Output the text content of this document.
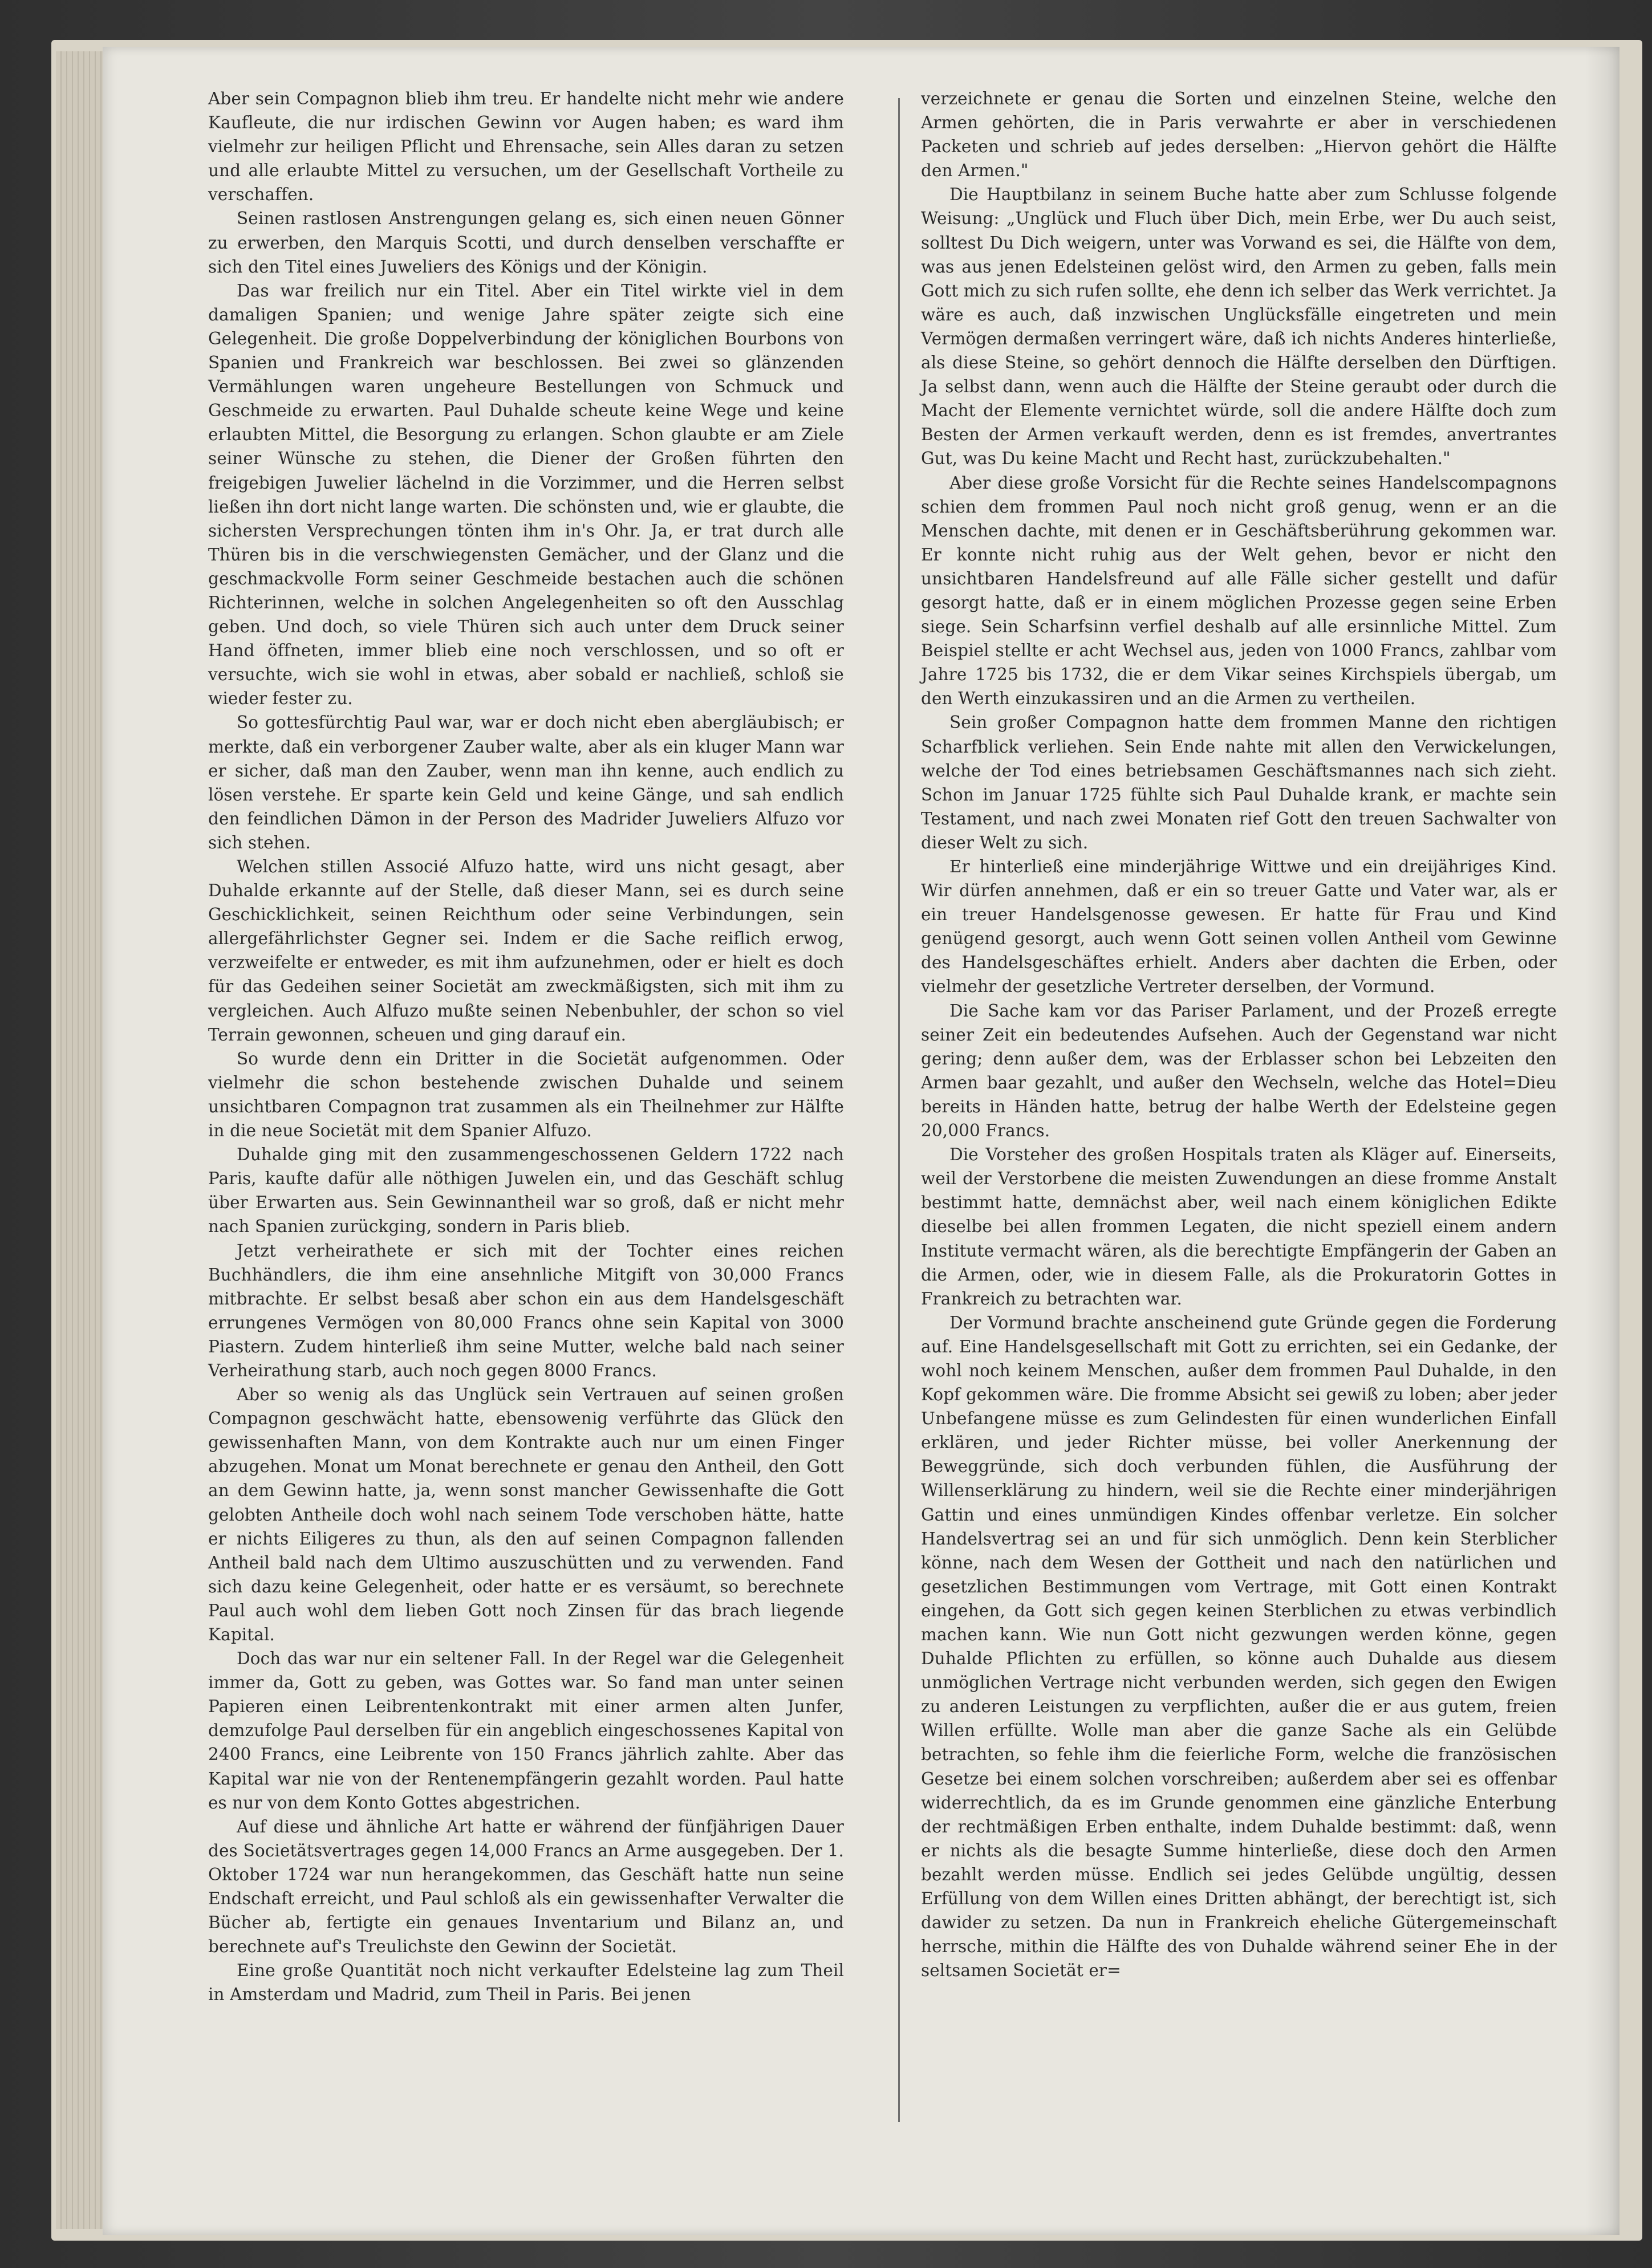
Aber sein Compagnon blieb ihm treu. Er handelte nicht mehr wie andere Kaufleute, die nur irdischen Gewinn vor Augen haben; es ward ihm vielmehr zur heiligen Pflicht und Ehrensache, sein Alles daran zu setzen und alle erlaubte Mittel zu versuchen, um der Gesellschaft Vortheile zu verschaffen.

Seinen rastlosen Anstrengungen gelang es, sich einen neuen Gönner zu erwerben, den Marquis Scotti, und durch denselben verschaffte er sich den Titel eines Juweliers des Königs und der Königin.

Das war freilich nur ein Titel. Aber ein Titel wirkte viel in dem damaligen Spanien; und wenige Jahre später zeigte sich eine Gelegenheit. Die große Doppelverbindung der königlichen Bourbons von Spanien und Frankreich war beschlossen. Bei zwei so glänzenden Vermählungen waren ungeheure Bestellungen von Schmuck und Geschmeide zu erwarten. Paul Duhalde scheute keine Wege und keine erlaubten Mittel, die Besorgung zu erlangen. Schon glaubte er am Ziele seiner Wünsche zu stehen, die Diener der Großen führten den freigebigen Juwelier lächelnd in die Vorzimmer, und die Herren selbst ließen ihn dort nicht lange warten. Die schönsten und, wie er glaubte, die sichersten Versprechungen tönten ihm in's Ohr. Ja, er trat durch alle Thüren bis in die verschwiegensten Gemächer, und der Glanz und die geschmackvolle Form seiner Geschmeide bestachen auch die schönen Richterinnen, welche in solchen Angelegenheiten so oft den Ausschlag geben. Und doch, so viele Thüren sich auch unter dem Druck seiner Hand öffneten, immer blieb eine noch verschlossen, und so oft er versuchte, wich sie wohl in etwas, aber sobald er nachließ, schloß sie wieder fester zu.

So gottesfürchtig Paul war, war er doch nicht eben abergläubisch; er merkte, daß ein verborgener Zauber walte, aber als ein kluger Mann war er sicher, daß man den Zauber, wenn man ihn kenne, auch endlich zu lösen verstehe. Er sparte kein Geld und keine Gänge, und sah endlich den feindlichen Dämon in der Person des Madrider Juweliers Alfuzo vor sich stehen.

Welchen stillen Associé Alfuzo hatte, wird uns nicht gesagt, aber Duhalde erkannte auf der Stelle, daß dieser Mann, sei es durch seine Geschicklichkeit, seinen Reichthum oder seine Verbindungen, sein allergefährlichster Gegner sei. Indem er die Sache reiflich erwog, verzweifelte er entweder, es mit ihm aufzunehmen, oder er hielt es doch für das Gedeihen seiner Societät am zweckmäßigsten, sich mit ihm zu vergleichen. Auch Alfuzo mußte seinen Nebenbuhler, der schon so viel Terrain gewonnen, scheuen und ging darauf ein.

So wurde denn ein Dritter in die Societät aufgenommen. Oder vielmehr die schon bestehende zwischen Duhalde und seinem unsichtbaren Compagnon trat zusammen als ein Theilnehmer zur Hälfte in die neue Societät mit dem Spanier Alfuzo.

Duhalde ging mit den zusammengeschossenen Geldern 1722 nach Paris, kaufte dafür alle nöthigen Juwelen ein, und das Geschäft schlug über Erwarten aus. Sein Gewinnantheil war so groß, daß er nicht mehr nach Spanien zurückging, sondern in Paris blieb.

Jetzt verheirathete er sich mit der Tochter eines reichen Buchhändlers, die ihm eine ansehnliche Mitgift von 30,000 Francs mitbrachte. Er selbst besaß aber schon ein aus dem Handelsgeschäft errungenes Vermögen von 80,000 Francs ohne sein Kapital von 3000 Piastern. Zudem hinterließ ihm seine Mutter, welche bald nach seiner Verheirathung starb, auch noch gegen 8000 Francs.

Aber so wenig als das Unglück sein Vertrauen auf seinen großen Compagnon geschwächt hatte, ebensowenig verführte das Glück den gewissenhaften Mann, von dem Kontrakte auch nur um einen Finger abzugehen. Monat um Monat berechnete er genau den Antheil, den Gott an dem Gewinn hatte, ja, wenn sonst mancher Gewissenhafte die Gott gelobten Antheile doch wohl nach seinem Tode verschoben hätte, hatte er nichts Eiligeres zu thun, als den auf seinen Compagnon fallenden Antheil bald nach dem Ultimo auszuschütten und zu verwenden. Fand sich dazu keine Gelegenheit, oder hatte er es versäumt, so berechnete Paul auch wohl dem lieben Gott noch Zinsen für das brach liegende Kapital.

Doch das war nur ein seltener Fall. In der Regel war die Gelegenheit immer da, Gott zu geben, was Gottes war. So fand man unter seinen Papieren einen Leibrentenkontrakt mit einer armen alten Junfer, demzufolge Paul derselben für ein angeblich eingeschossenes Kapital von 2400 Francs, eine Leibrente von 150 Francs jährlich zahlte. Aber das Kapital war nie von der Rentenempfängerin gezahlt worden. Paul hatte es nur von dem Konto Gottes abgestrichen.

Auf diese und ähnliche Art hatte er während der fünfjährigen Dauer des Societätsvertrages gegen 14,000 Francs an Arme ausgegeben. Der 1. Oktober 1724 war nun herangekommen, das Geschäft hatte nun seine Endschaft erreicht, und Paul schloß als ein gewissenhafter Verwalter die Bücher ab, fertigte ein genaues Inventarium und Bilanz an, und berechnete auf's Treulichste den Gewinn der Societät.

Eine große Quantität noch nicht verkaufter Edelsteine lag zum Theil in Amsterdam und Madrid, zum Theil in Paris. Bei jenen

verzeichnete er genau die Sorten und einzelnen Steine, welche den Armen gehörten, die in Paris verwahrte er aber in verschiedenen Packeten und schrieb auf jedes derselben: „Hiervon gehört die Hälfte den Armen."

Die Hauptbilanz in seinem Buche hatte aber zum Schlusse folgende Weisung: „Unglück und Fluch über Dich, mein Erbe, wer Du auch seist, solltest Du Dich weigern, unter was Vorwand es sei, die Hälfte von dem, was aus jenen Edelsteinen gelöst wird, den Armen zu geben, falls mein Gott mich zu sich rufen sollte, ehe denn ich selber das Werk verrichtet. Ja wäre es auch, daß inzwischen Unglücksfälle eingetreten und mein Vermögen dermaßen verringert wäre, daß ich nichts Anderes hinterließe, als diese Steine, so gehört dennoch die Hälfte derselben den Dürftigen. Ja selbst dann, wenn auch die Hälfte der Steine geraubt oder durch die Macht der Elemente vernichtet würde, soll die andere Hälfte doch zum Besten der Armen verkauft werden, denn es ist fremdes, anvertrantes Gut, was Du keine Macht und Recht hast, zurückzubehalten."

Aber diese große Vorsicht für die Rechte seines Handelscompagnons schien dem frommen Paul noch nicht groß genug, wenn er an die Menschen dachte, mit denen er in Geschäftsberührung gekommen war. Er konnte nicht ruhig aus der Welt gehen, bevor er nicht den unsichtbaren Handelsfreund auf alle Fälle sicher gestellt und dafür gesorgt hatte, daß er in einem möglichen Prozesse gegen seine Erben siege. Sein Scharfsinn verfiel deshalb auf alle ersinnliche Mittel. Zum Beispiel stellte er acht Wechsel aus, jeden von 1000 Francs, zahlbar vom Jahre 1725 bis 1732, die er dem Vikar seines Kirchspiels übergab, um den Werth einzukassiren und an die Armen zu vertheilen.

Sein großer Compagnon hatte dem frommen Manne den richtigen Scharfblick verliehen. Sein Ende nahte mit allen den Verwickelungen, welche der Tod eines betriebsamen Geschäftsmannes nach sich zieht. Schon im Januar 1725 fühlte sich Paul Duhalde krank, er machte sein Testament, und nach zwei Monaten rief Gott den treuen Sachwalter von dieser Welt zu sich.

Er hinterließ eine minderjährige Wittwe und ein dreijähriges Kind. Wir dürfen annehmen, daß er ein so treuer Gatte und Vater war, als er ein treuer Handelsgenosse gewesen. Er hatte für Frau und Kind genügend gesorgt, auch wenn Gott seinen vollen Antheil vom Gewinne des Handelsgeschäftes erhielt. Anders aber dachten die Erben, oder vielmehr der gesetzliche Vertreter derselben, der Vormund.

Die Sache kam vor das Pariser Parlament, und der Prozeß erregte seiner Zeit ein bedeutendes Aufsehen. Auch der Gegenstand war nicht gering; denn außer dem, was der Erblasser schon bei Lebzeiten den Armen baar gezahlt, und außer den Wechseln, welche das Hotel=Dieu bereits in Händen hatte, betrug der halbe Werth der Edelsteine gegen 20,000 Francs.

Die Vorsteher des großen Hospitals traten als Kläger auf. Einerseits, weil der Verstorbene die meisten Zuwendungen an diese fromme Anstalt bestimmt hatte, demnächst aber, weil nach einem königlichen Edikte dieselbe bei allen frommen Legaten, die nicht speziell einem andern Institute vermacht wären, als die berechtigte Empfängerin der Gaben an die Armen, oder, wie in diesem Falle, als die Prokuratorin Gottes in Frankreich zu betrachten war.

Der Vormund brachte anscheinend gute Gründe gegen die Forderung auf. Eine Handelsgesellschaft mit Gott zu errichten, sei ein Gedanke, der wohl noch keinem Menschen, außer dem frommen Paul Duhalde, in den Kopf gekommen wäre. Die fromme Absicht sei gewiß zu loben; aber jeder Unbefangene müsse es zum Gelindesten für einen wunderlichen Einfall erklären, und jeder Richter müsse, bei voller Anerkennung der Beweggründe, sich doch verbunden fühlen, die Ausführung der Willenserklärung zu hindern, weil sie die Rechte einer minderjährigen Gattin und eines unmündigen Kindes offenbar verletze. Ein solcher Handelsvertrag sei an und für sich unmöglich. Denn kein Sterblicher könne, nach dem Wesen der Gottheit und nach den natürlichen und gesetzlichen Bestimmungen vom Vertrage, mit Gott einen Kontrakt eingehen, da Gott sich gegen keinen Sterblichen zu etwas verbindlich machen kann. Wie nun Gott nicht gezwungen werden könne, gegen Duhalde Pflichten zu erfüllen, so könne auch Duhalde aus diesem unmöglichen Vertrage nicht verbunden werden, sich gegen den Ewigen zu anderen Leistungen zu verpflichten, außer die er aus gutem, freien Willen erfüllte. Wolle man aber die ganze Sache als ein Gelübde betrachten, so fehle ihm die feierliche Form, welche die französischen Gesetze bei einem solchen vorschreiben; außerdem aber sei es offenbar widerrechtlich, da es im Grunde genommen eine gänzliche Enterbung der rechtmäßigen Erben enthalte, indem Duhalde bestimmt: daß, wenn er nichts als die besagte Summe hinterließe, diese doch den Armen bezahlt werden müsse. Endlich sei jedes Gelübde ungültig, dessen Erfüllung von dem Willen eines Dritten abhängt, der berechtigt ist, sich dawider zu setzen. Da nun in Frankreich eheliche Gütergemeinschaft herrsche, mithin die Hälfte des von Duhalde während seiner Ehe in der seltsamen Societät er=
